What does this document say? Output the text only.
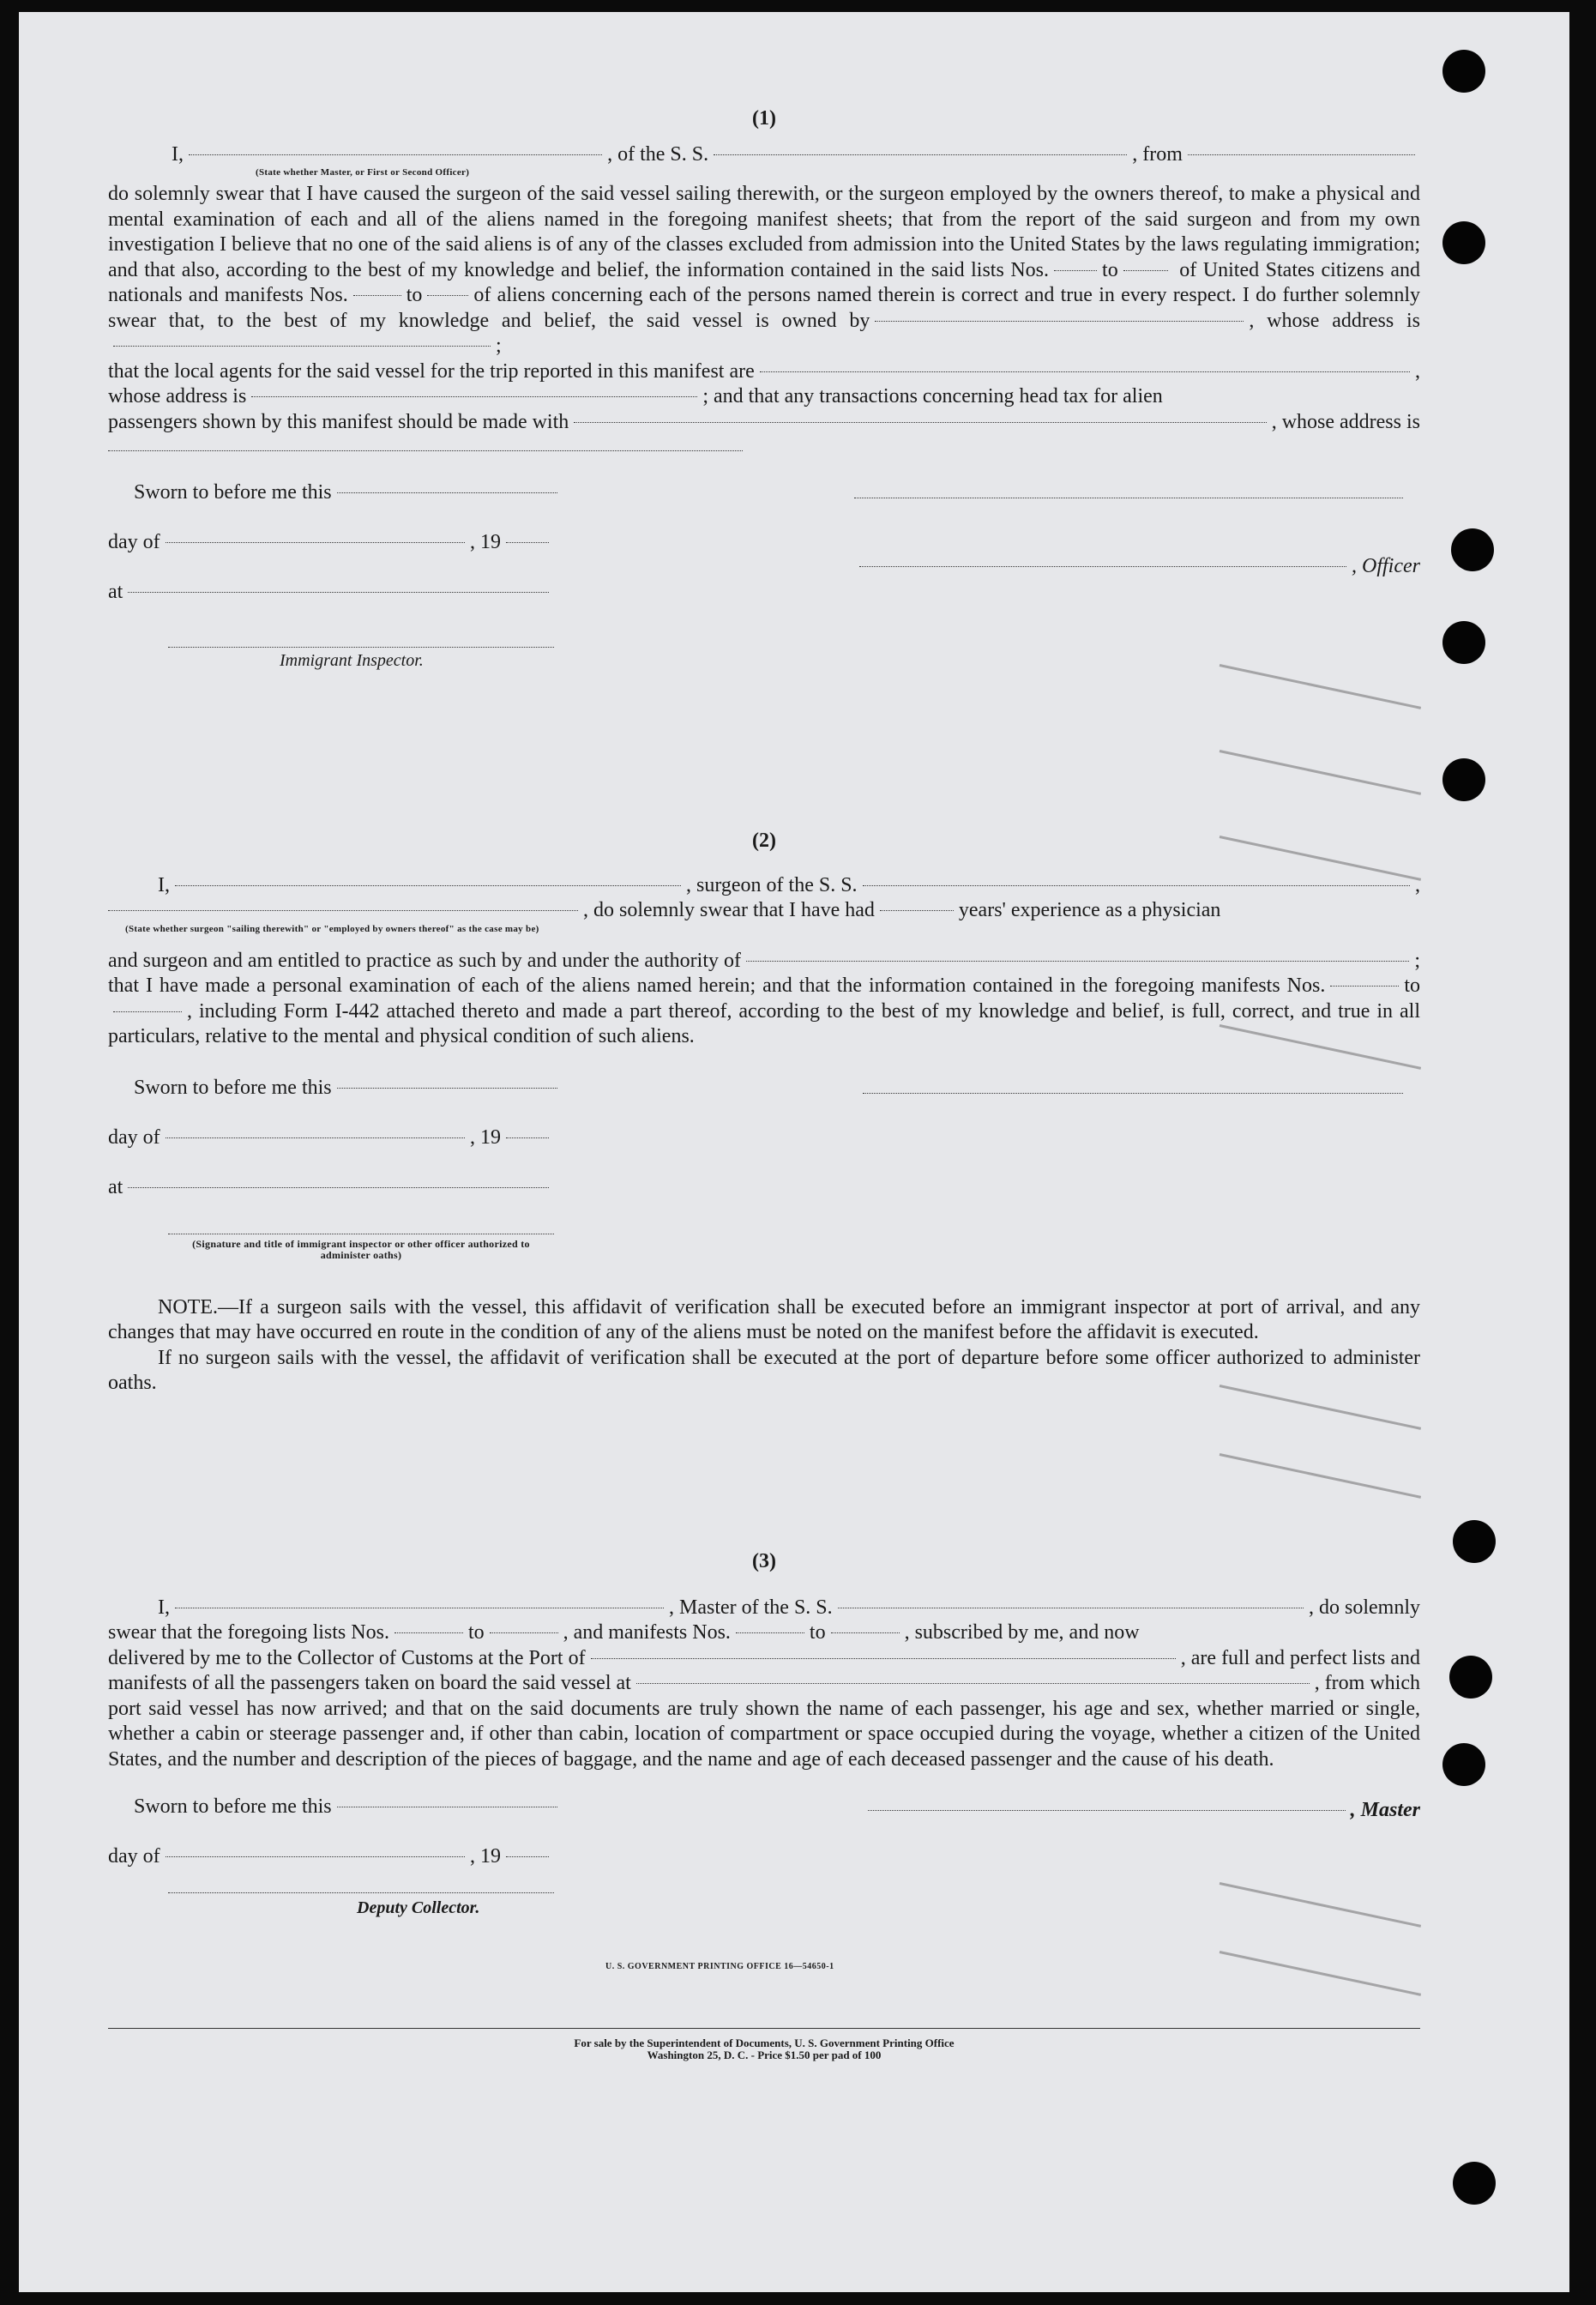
(1)

I,	, of the S. S.	, from
(State whether Master, or First or Second Officer)

do solemnly swear that I have caused the surgeon of the said vessel sailing therewith, or the surgeon employed by the owners thereof, to make a physical and mental examination of each and all of the aliens named in the foregoing manifest sheets; that from the report of the said surgeon and from my own investigation I believe that no one of the said aliens is of any of the classes excluded from admission into the United States by the laws regulating immigration; and that also, according to the best of my knowledge and belief, the information contained in the said lists Nos.	to	of United States citizens and nationals and manifests Nos.	to	of aliens concerning each of the persons named therein is correct and true in every respect. I do further solemnly swear that, to the best of my knowledge and belief, the said vessel is owned by	, whose address is;

that the local agents for the said vessel for the trip reported in this manifest are	,
whose address is	; and that any transactions concerning head tax for alien
passengers shown by this manifest should be made with	, whose address is
Sworn to before me this
day of	, 19
at
, Officer
Immigrant Inspector.

(2)

I,	, surgeon of the S. S.	,
, do solemnly swear that I have had	years' experience as a physician
(State whether surgeon "sailing therewith" or "employed by owners thereof" as the case may be)
and surgeon and am entitled to practice as such by and under the authority of	;

that I have made a personal examination of each of the aliens named herein; and that the information contained in the foregoing manifests Nos.	to, including Form I-442 attached thereto and made a part thereof, according to the best of my knowledge and belief, is full, correct, and true in all particulars, relative to the mental and physical condition of such aliens.

Sworn to before me this
day of	, 19
at
(Signature and title of immigrant inspector or other officer authorized to administer oaths)

NOTE.—If a surgeon sails with the vessel, this affidavit of verification shall be executed before an immigrant inspector at port of arrival, and any changes that may have occurred en route in the condition of any of the aliens must be noted on the manifest before the affidavit is executed.

If no surgeon sails with the vessel, the affidavit of verification shall be executed at the port of departure before some officer authorized to administer oaths.

(3)

I,	, Master of the S. S.	, do solemnly
swear that the foregoing lists Nos.	to	, and manifests Nos.	to	, subscribed by me, and now
delivered by me to the Collector of Customs at the Port of	, are full and perfect lists and
manifests of all the passengers taken on board the said vessel at	, from which

port said vessel has now arrived; and that on the said documents are truly shown the name of each passenger, his age and sex, whether married or single, whether a cabin or steerage passenger and, if other than cabin, location of compartment or space occupied during the voyage, whether a citizen of the United States, and the number and description of the pieces of baggage, and the name and age of each deceased passenger and the cause of his death.

Sworn to before me this
day of	, 19
, Master
Deputy Collector.
U. S. GOVERNMENT PRINTING OFFICE 16—54650-1
For sale by the Superintendent of Documents, U. S. Government Printing Office
Washington 25, D. C. - Price $1.50 per pad of 100
